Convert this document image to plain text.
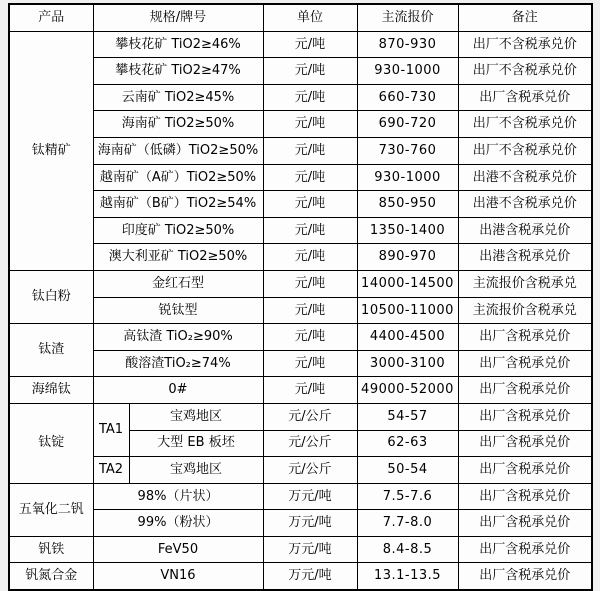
产品	规格/牌号		单位	主流报价	备注
钛精矿	攀枝花矿 TiO2≥46%		元/吨	870-930	出厂不含税承兑价
	攀枝花矿 TiO2≥47%		元/吨	930-1000	出厂不含税承兑价
	云南矿 TiO2≥45%		元/吨	660-730	出厂含税承兑价
	海南矿 TiO2≥50%		元/吨	690-720	出厂不含税承兑价
	海南矿（低磷）TiO2≥50%		元/吨	730-760	出厂不含税承兑价
	越南矿（A矿）TiO2≥50%		元/吨	930-1000	出港不含税承兑价
	越南矿（B矿）TiO2≥54%		元/吨	850-950	出港不含税承兑价
	印度矿 TiO2≥50%		元/吨	1350-1400	出港含税承兑价
	澳大利亚矿 TiO2≥50%		元/吨	890-970	出港含税承兑价
钛白粉	金红石型		元/吨	14000-14500	主流报价含税承兑
	锐钛型		元/吨	10500-11000	主流报价含税承兑
钛渣	高钛渣 TiO₂≥90%		元/吨	4400-4500	出厂含税承兑价
	酸溶渣TiO₂≥74%		元/吨	3000-3100	出厂含税承兑价
海绵钛	0#		元/吨	49000-52000	出厂含税承兑价
钛锭	TA1	宝鸡地区	元/公斤	54-57	出厂含税承兑价
		大型 EB 板坯	元/公斤	62-63	出厂含税承兑价
	TA2	宝鸡地区	元/公斤	50-54	出厂含税承兑价
五氧化二钒	98%（片状）		万元/吨	7.5-7.6	出厂含税承兑价
	99%（粉状）		万元/吨	7.7-8.0	出厂含税承兑价
钒铁	FeV50		万元/吨	8.4-8.5	出厂含税承兑价
钒氮合金	VN16		万元/吨	13.1-13.5	出厂含税承兑价
